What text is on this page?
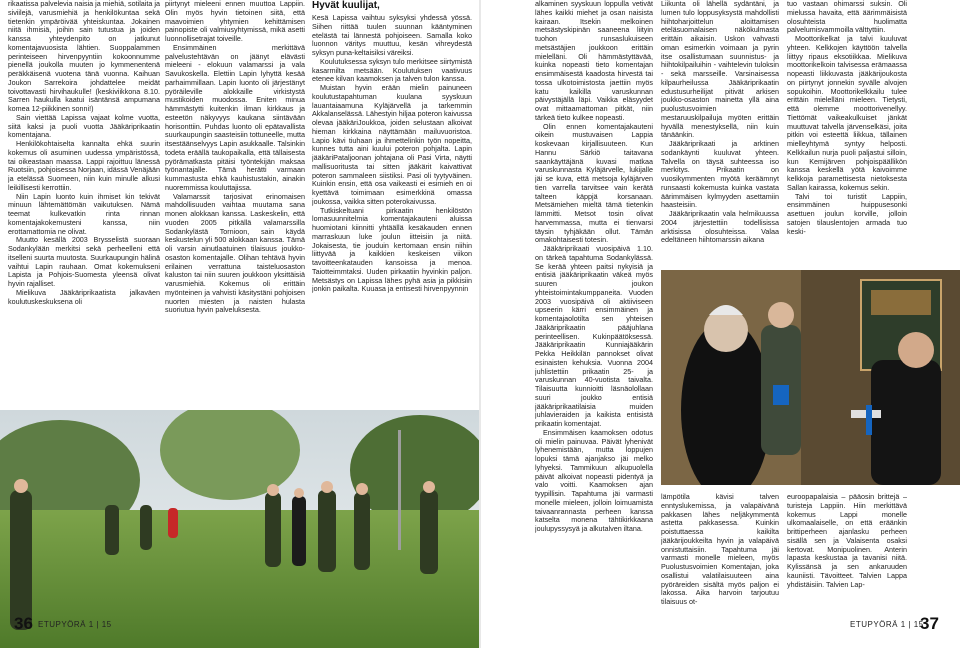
rikaatissa palvelevia naisia ja miehiä, sotilaita ja siviilejä, varusmiehiä ja henkilökuntaa sekä tietenkin ympäröivää yhteiskuntaa. Jokainen niitä ihmisiä, joihin sain tutustua ja joiden kanssa yhteydenpito on jatkunut komentajavuosista lähtien. Suoppalammen perinteiseen hirvenpyyntiin kokoonnumme pienellä joukolla muuten jo kymmenentenä peräkkäisenä vuotena tänä vuonna. Kaihuan Joukon Sarrekoira johdattelee meidät toivottavasti hirvihaukulle! (keskiviikkona 8.10. Sarren haukulla kaatui isäntänsä ampumana komea 12-piikkinen sonni!)

Sain viettää Lapissa vajaat kolme vuotta, siitä kaksi ja puoli vuotta Jääkäriprikaatin komentajana.

Henkilökohtaiselta kannalta ehkä suurin kokemus oli asuminen uudessa ympäristössä, tai oikeastaan maassa. Lappi rajoittuu länessä Ruotsiin, pohjoisessa Norjaan, idässä Venäjään ja etelässä Suomeen, niin kuin minulle alkusi leikillisesti kerrottiin.

Niin Lapin luonto kuin ihmiset kin tekivät minuun lähtemättömän vaikutuksen. Nämä teemat kulkevatkin rinta rinnan komentajakokemusteni kanssa, niin erottamattomia ne olivat.

Muutto kesällä 2003 Brysselistä suoraan Sodankylään merkitsi sekä perheelleni että itselleni suurta muutosta. Suurkaupungin hälinä vaihtui Lapin rauhaan. Omat kokemukseni Lapista ja Pohjois-Suomesta yleensä olivat hyvin rajalliset.

Mielikuva Jääkäriprikaatista jalkaväen koulutuskeskuksena oli

piirtynyt mieleeni ennen muuttoa Lappiin. Olin myös hyvin tietoinen siitä, että maavoimien yhtymien kehittämisen painopiste oli valmiusyhtymissä, mikä asetti luonnollisetrajat toiveille.

Ensimmäinen merkittävä palvelustehtävän on jäänyt elävästi mieleeni - elokuun valamarssi ja vala Savukoskella. Elettiin Lapin lyhyttä kesää parhaimmillaan. Lapin luonto oli järjestänyt pyöräileville alokkaille virkistystä mustikoiden muodossa. Eniten minua hämmästytti kuitenkin ilman kirkkaus ja esteetön näkyvyys kaukana siintävään horisonttiin. Puhdas luonto oli epätavallista suurkaupungin saasteisiin tottuneelle, mutta itsestäänselvyys Lapin asukkaalle. Talsinkin todeta eräällä taukopaikalla, että tällaisesta pyörämatkasta pitäisi työntekijän maksaa työnantajalle. Tämä herätti varmaan kummastusta ehkä kauhistustakin, ainakin nuoremmissa kouluttajissa.

Valamarssit tarjosivat erinomaisen mahdollisuuden vaihtaa muutama sana monen alokkaan kanssa. Laskeskelin, että vuoden 2005 pitkällä valamarssilla Sodankylästä Tornioon, sain käydä keskustelun yli 500 alokkaan kanssa. Tämä oli varsin ainutlaatuinen tilaisuus joukko-osaston komentajalle. Olihan tehtävä hyvin erilainen verrattuna taisteluosaston kaluston tai niin suuren joukkoon yksittäisiä varusmiehiä. Kokemus oli erittäin myönteinen ja vahvisti käsitystäni pohjoisen nuorten miesten ja naisten hulasta suoriutua hyvin palveluksesta.

Hyvät kuulijat,

Kesä Lapissa vaihtuu syksyksi yhdessä yössä. Siihen riittää tuulen suunnan kääntyminen etelästä tai lännestä pohjoiseen. Samalla koko luonnon väritys muuttuu, kesän vihreydestä syksyn punа-keltaisiksi väreiksi.

Koulutuksessa syksyn tulo merkitsee siirtymistä kasarmilta metsään. Koulutuksen vaativuus etenee kilvan kaamoksen ja talven tulon kanssa.

Muistan hyvin erään mielin painuneen koulutustapahtuman kuulana syyskuun lauantaiaamuna Kyläjärvellä ja tarkemmin Akkalanselässä. Lähestyin hiljaa poteron kaivussa olevaa jääkäriJoukkoa, joiden selustaan alkoivat hieman kirkkaina näyttämään mailuvuoristoa. Lapio kävi tiuhaan ja ihmettelinkin työn nopeitta, kunnes tutta aini kuului poteron pohjalta. Lapin jääkäriPataljoonan johtajana oli Pasi Virta, näytti mallisuoritusta tai sitten jääkärit kaivattivat poteron sammaleen siistiksi. Pasi oli tyytyväinen. Kuinkin ensin, että osa vaikeasti ei esimieh en oi kyettävä toimimaan esimerkkinä omassa joukossa, vaikka sitten poterokaivussa.

Tutkiskeltuani pirkaatin henkilöstön lomasuunnitelmia komentajakauteni aluissa huomiotani kiinnitti yhtäällä kesäkauden ennen marraskuun luke joulun iitteisiin ja niitä. Jokaisesta, tie jouduin kertomaan ensin niihin liittyvää ja kaikkien keskeisen viikon tavoitteenkatauden kansoissa ja menoa. Taiotteimmtaksi. Uuden pirkaatiin hyvinkin paljon. Metsästys on Lapissa lähes pyhä asia ja pikkisiin jonkin paikalta. Kuuasa ja entisesti hirvenpyynnin

36 ETUPYÖRÄ 1 | 15

alkaminen syyskuun loppulla vetivät lähes kaikki miehet ja osan naisista kairaan. Itsekin melkoinen metsästyskipinän saaneena liityin tuohon runsaslukuiseen metsästäjien joukkoon erittäin mielelläni. Oli hämmästyttävää, kuinka nopeasti tieto komentajan ensimmäisestä kaadosta hirvestä tai tossa ulkotoimistosta jaettiin myös katu kaikilla varuskunnan päivystäjällä läpi. Vaikka eläsyydet ovat mittaamattoman pitkät, niin tärkeä tieto kulkee nopeasti.

Olin ennen komentajakauteni oikein mustuvaisen Lappia koskevaan kirjallisuuteen. Kun Hannu Särkiö taitavana saankäyttäjänä kuvasi matkaa varuskunnasta Kyläjärvelle, lukijalle jäi se kuva, että metsoja kyläjärven tien varrella tarvitsee vain kerätä talteen käppjä korsanaan. Metsämiehen mieltä tämä tietenkin lämmitti. Metsot tosin olivat harvemmassa, mutta ei tienvarsi täysin tyhjäkään ollut. Tämän omakohtaisesti totesin.

Jääkäriprikaati vuosipäivä 1.10. on tärkeä tapahtuma Sodankylässä. Se kerää yhteen paitsi nykyisiä ja entisiä jääkäriprikaatin väkeä myös suuren joukon yhteistoimintakumppaneita. Vuoden 2003 vuosipäivä oli aktiiviseen upseerin kärri ensimmäinen ja komentajaolotilta sen yhteisen Jääkäriprikaatin pääjuhlana perinteellisen. Kukinpäätöksessä. Jääkäriprikaatin Kunniajääkärin Pekka Heikkilän pannokset olivat esinaisten kehuksia. Vuonna 2004 juhlistettiin prikaatin 25- ja varuskunnan 40-vuotista taivalta. Tilaisuutta kunnioitti läsnäolollaan suuri joukko entisiä jääkäriprikaatilaisia muiden juhlavieraiden ja kaikista entisistä prikaatin komentajat.

Ensimmäisen kaamoksen odotus oli mielin painuvaa. Päivät lyhenivät lyhenemistään, mutta loppujen lopuksi tämä ajanjakso jäi melko lyhyeksi. Tammikuun alkupuolella päivät alkoivat nopeasti pidentyä ja valo voitti. Kaamoksen ajan tyypillisin. Tapahtuma jäi varmasti monelle mieleen, jolloin loimuamista taivaanrannasta perheen kanssa katselta monena tähtikirkkaana joulupyssysyä ja alkutalven iltana.

Liikunta oli lähellä sydäntäni, ja lumen tulo loppusyksystä mahdollisti hiihtoharjoittelun aloittamisen eteläsuomalaisen näkökulmasta erittäin aikaisin. Uskon vahvasti oman esimerkin voimaan ja pyrin itse osallistumaan suunnistus- ja hiihtokilpailuihin - vaihtelevin tuloksin - sekä marsseille. Varsinaisessa kilpaurheilussa Jääkäriprikaatin edustusurheilijat pitivät arkisen joukko-osaston mainetta yllä aina puolustusvoimien mestaruuskilpailuja myöten erittäin hyvällä menestyksellä, niin kuin tänäänkin.

Jääkäriprikaati ja arktinen sodankäynti kuuluvat yhteen. Talvella on täysä suhteessa iso merkitys. Prikaatin on vuosikymmenten myötä keräämnyt runsaasti kokemusta kuinka vastata äärimmäisen kylmyyden asettamiin haasteisiin.

Jääkäriprikaatin vala helmikuussa 2004 järjestettiin todellisissa arktisissa olosuhteissa. Valaa edeltäneen hiihtomarssin aikana

tuo vastaan ohimarssi suksin. Oli mielussa havaita, että äärimmäisistä olosuhteista huolimatta palvelumisvammoilla välttyttiin.

Moottorikelkat ja talvi kuuluvat yhteen. Kelkkojen käyttöön talvella liittyy ripaus eksotiikkaa. Mielikuva moottorikelkoin talvisessa erämaassa nopeasti liikkuvasta jääkärijoukosta on piirtynyt jonnekin syvälle alvojen sopukoihin. Moottorikelkkailu tulee erittäin mielelläni mieleen. Tietysti, että olemme moottorivenellyy. Tiettömät vaikeakulkuiset jänkät muuttuvat talvella järvenselkäsi, joita pitkin voi esteettä liikkua, tällainen mielleyhtymä syntyy helposti. Kelkkailun nurja puoli paljastui silloin, kun Kemijärven pohjoispäällikön kanssa keskellä yötä kaivoimme kelkkoja paramettisesta nietoksesta Sallan kairassa, kokemus sekin.

Talvi toi turistit Lappiin, ensimmäinen huippusesonki asettuen joulun korville, jolloin satojen tilauslentojen armada tuo keski-

lämpötila kävisi talven enntyslukemissa, ja valapäivänä pakkasen lähes neljäkymmentä astetta pakkasessa. Kuinkin poistuttaessa kaikilta jääkärijoukkeilta hyvin ja valapäivä onnistuttaisiin. Tapahtuma jäi varmasti monelle mieleen, myös Puolustusvoimien Komentajan, joka osallistui valatilaisuuteen aina pyöräreiden sisältä myös paljon ei lakossa. Aika harvoin tarjoutuu tilaisuus ot-

euroopapalaisia – pääosin brittejä – turisteja Lappiin. Hiin merkittävä kokemus Lappi monelle ulkomaalaiselle, on että eräänkin brittiperheen ajanlasku perheen sisällä sen ja Valaisenta osaksi kertovat. Monipuolinen. Anterin lapasta keskustaa ja tavanisi niitä. Kylissänsä ja sen ankaruuden kauniisti. Tävoitteet. Talvien Lappa yhdistäisiin. Talvien Lap-

ETUPYÖRÄ 1 | 15
37
